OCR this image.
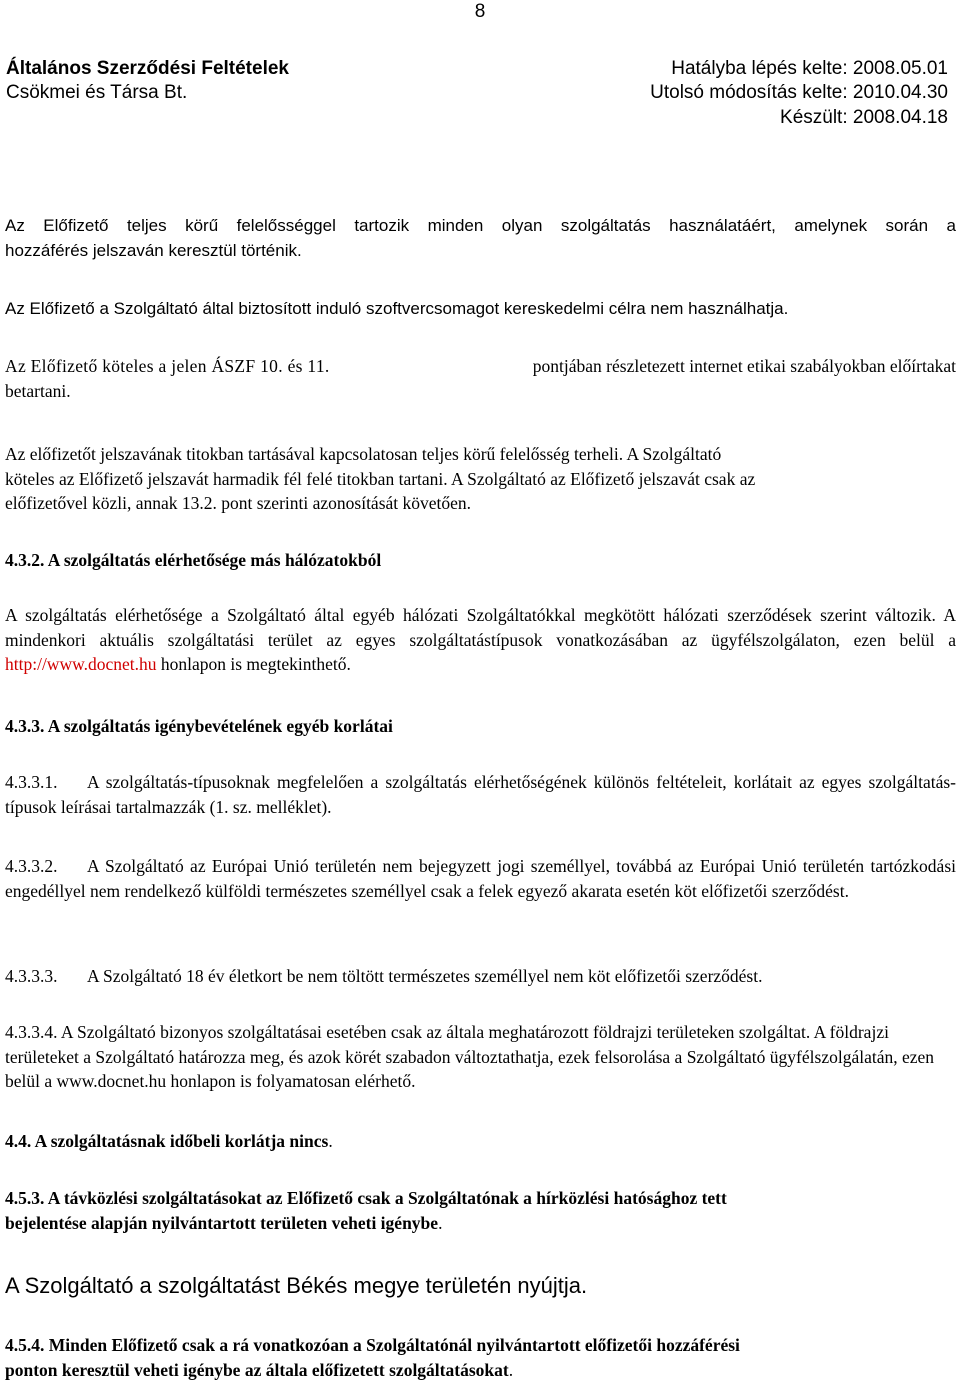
8
Általános Szerződési Feltételek
Csökmei és Társa Bt.
Hatályba lépés kelte: 2008.05.01
Utolsó módosítás kelte: 2010.04.30
Készült: 2008.04.18
Az Előfizető teljes körű felelősséggel tartozik minden olyan szolgáltatás használatáért, amelynek során a
hozzáférés jelszaván keresztül történik.
Az Előfizető a Szolgáltató által biztosított induló szoftvercsomagot kereskedelmi célra nem használhatja.
Az Előfizető köteles a jelen ÁSZF 10. és 11.	pontjában részletezett internet etikai szabályokban előírtakat
betartani.
Az előfizetőt jelszavának titokban tartásával kapcsolatosan teljes körű felelősség terheli. A Szolgáltató
köteles az Előfizető jelszavát harmadik fél felé titokban tartani. A Szolgáltató az Előfizető jelszavát csak az
előfizetővel közli, annak 13.2. pont szerinti azonosítását követően.
4.3.2. A szolgáltatás elérhetősége más hálózatokból
A szolgáltatás elérhetősége a Szolgáltató által egyéb hálózati Szolgáltatókkal megkötött hálózati szerződések szerint változik. A mindenkori aktuális szolgáltatási terület az egyes szolgáltatástípusok vonatkozásában az ügyfélszolgálaton, ezen belül a http://www.docnet.hu honlapon is megtekinthető.
4.3.3. A szolgáltatás igénybevételének egyéb korlátai
4.3.3.1. A szolgáltatás-típusoknak megfelelően a szolgáltatás elérhetőségének különös feltételeit, korlátait az egyes szolgáltatás-típusok leírásai tartalmazzák (1. sz. melléklet).
4.3.3.2. A Szolgáltató az Európai Unió területén nem bejegyzett jogi személlyel, továbbá az Európai Unió területén tartózkodási engedéllyel nem rendelkező külföldi természetes személlyel csak a felek egyező akarata esetén köt előfizetői szerződést.
4.3.3.3. A Szolgáltató 18 év életkort be nem töltött természetes személlyel nem köt előfizetői szerződést.
4.3.3.4. A Szolgáltató bizonyos szolgáltatásai esetében csak az általa meghatározott földrajzi területeken szolgáltat. A földrajzi területeket a Szolgáltató határozza meg, és azok körét szabadon változtathatja, ezek felsorolása a Szolgáltató ügyfélszolgálatán, ezen belül a www.docnet.hu honlapon is folyamatosan elérhető.
4.4. A szolgáltatásnak időbeli korlátja nincs.
4.5.3. A távközlési szolgáltatásokat az Előfizető csak a Szolgáltatónak a hírközlési hatósághoz tett
bejelentése alapján nyilvántartott területen veheti igénybe.
A Szolgáltató a szolgáltatást Békés megye területén nyújtja.
4.5.4. Minden Előfizető csak a rá vonatkozóan a Szolgáltatónál nyilvántartott előfizetői hozzáférési
ponton keresztül veheti igénybe az általa előfizetett szolgáltatásokat.
